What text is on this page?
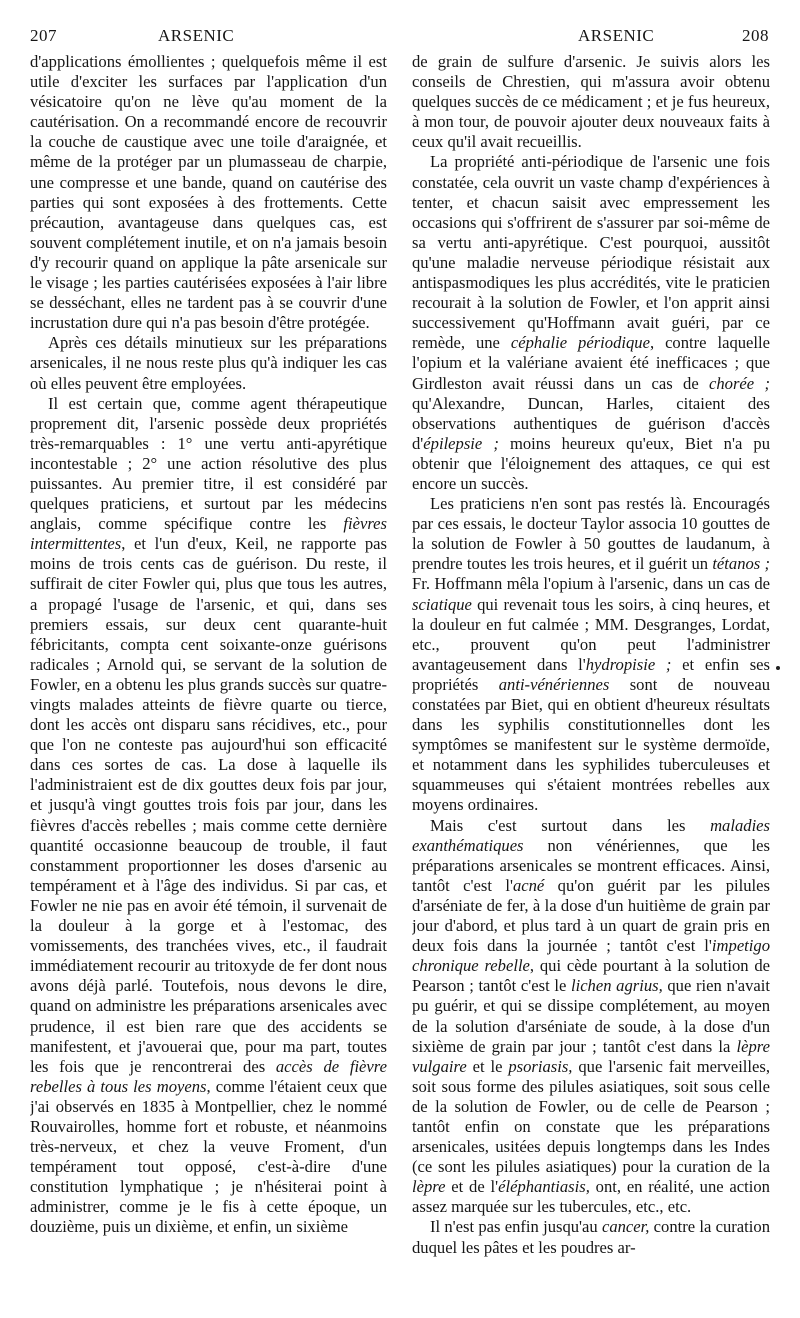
207	ARSENIC	ARSENIC	208

d'applications émollientes ; quelquefois même il est utile d'exciter les surfaces par l'application d'un vésicatoire qu'on ne lève qu'au moment de la cautérisation. On a recommandé encore de recouvrir la couche de caustique avec une toile d'araignée, et même de la protéger par un plumasseau de charpie, une compresse et une bande, quand on cautérise des parties qui sont exposées à des frottements. Cette précaution, avantageuse dans quelques cas, est souvent complétement inutile, et on n'a jamais besoin d'y recourir quand on applique la pâte arsenicale sur le visage ; les parties cautérisées exposées à l'air libre se desséchant, elles ne tardent pas à se couvrir d'une incrustation dure qui n'a pas besoin d'être protégée.

Après ces détails minutieux sur les préparations arsenicales, il ne nous reste plus qu'à indiquer les cas où elles peuvent être employées.

Il est certain que, comme agent thérapeutique proprement dit, l'arsenic possède deux propriétés très-remarquables : 1° une vertu anti-apyrétique incontestable ; 2° une action résolutive des plus puissantes. Au premier titre, il est considéré par quelques praticiens, et surtout par les médecins anglais, comme spécifique contre les fièvres intermittentes, et l'un d'eux, Keil, ne rapporte pas moins de trois cents cas de guérison. Du reste, il suffirait de citer Fowler qui, plus que tous les autres, a propagé l'usage de l'arsenic, et qui, dans ses premiers essais, sur deux cent quarante-huit fébricitants, compta cent soixante-onze guérisons radicales ; Arnold qui, se servant de la solution de Fowler, en a obtenu les plus grands succès sur quatre-vingts malades atteints de fièvre quarte ou tierce, dont les accès ont disparu sans récidives, etc., pour que l'on ne conteste pas aujourd'hui son efficacité dans ces sortes de cas. La dose à laquelle ils l'administraient est de dix gouttes deux fois par jour, et jusqu'à vingt gouttes trois fois par jour, dans les fièvres d'accès rebelles ; mais comme cette dernière quantité occasionne beaucoup de trouble, il faut constamment proportionner les doses d'arsenic au tempérament et à l'âge des individus. Si par cas, et Fowler ne nie pas en avoir été témoin, il survenait de la douleur à la gorge et à l'estomac, des vomissements, des tranchées vives, etc., il faudrait immédiatement recourir au tritoxyde de fer dont nous avons déjà parlé. Toutefois, nous devons le dire, quand on administre les préparations arsenicales avec prudence, il est bien rare que des accidents se manifestent, et j'avouerai que, pour ma part, toutes les fois que je rencontrerai des accès de fièvre rebelles à tous les moyens, comme l'étaient ceux que j'ai observés en 1835 à Montpellier, chez le nommé Rouvairolles, homme fort et robuste, et néanmoins très-nerveux, et chez la veuve Froment, d'un tempérament tout opposé, c'est-à-dire d'une constitution lymphatique ; je n'hésiterai point à administrer, comme je le fis à cette époque, un douzième, puis un dixième, et enfin, un sixième

de grain de sulfure d'arsenic. Je suivis alors les conseils de Chrestien, qui m'assura avoir obtenu quelques succès de ce médicament ; et je fus heureux, à mon tour, de pouvoir ajouter deux nouveaux faits à ceux qu'il avait recueillis.

La propriété anti-périodique de l'arsenic une fois constatée, cela ouvrit un vaste champ d'expériences à tenter, et chacun saisit avec empressement les occasions qui s'offrirent de s'assurer par soi-même de sa vertu anti-apyrétique. C'est pourquoi, aussitôt qu'une maladie nerveuse périodique résistait aux antispasmodiques les plus accrédités, vite le praticien recourait à la solution de Fowler, et l'on apprit ainsi successivement qu'Hoffmann avait guéri, par ce remède, une céphalie périodique, contre laquelle l'opium et la valériane avaient été inefficaces ; que Girdleston avait réussi dans un cas de chorée ; qu'Alexandre, Duncan, Harles, citaient des observations authentiques de guérison d'accès d'épilepsie ; moins heureux qu'eux, Biet n'a pu obtenir que l'éloignement des attaques, ce qui est encore un succès.

Les praticiens n'en sont pas restés là. Encouragés par ces essais, le docteur Taylor associa 10 gouttes de la solution de Fowler à 50 gouttes de laudanum, à prendre toutes les trois heures, et il guérit un tétanos ; Fr. Hoffmann mêla l'opium à l'arsenic, dans un cas de sciatique qui revenait tous les soirs, à cinq heures, et la douleur en fut calmée ; MM. Desgranges, Lordat, etc., prouvent qu'on peut l'administrer avantageusement dans l'hydropisie ; et enfin ses propriétés anti-vénériennes sont de nouveau constatées par Biet, qui en obtient d'heureux résultats dans les syphilis constitutionnelles dont les symptômes se manifestent sur le système dermoïde, et notamment dans les syphilides tuberculeuses et squammeuses qui s'étaient montrées rebelles aux moyens ordinaires.

Mais c'est surtout dans les maladies exanthématiques non vénériennes, que les préparations arsenicales se montrent efficaces. Ainsi, tantôt c'est l'acné qu'on guérit par les pilules d'arséniate de fer, à la dose d'un huitième de grain par jour d'abord, et plus tard à un quart de grain pris en deux fois dans la journée ; tantôt c'est l'impetigo chronique rebelle, qui cède pourtant à la solution de Pearson ; tantôt c'est le lichen agrius, que rien n'avait pu guérir, et qui se dissipe complétement, au moyen de la solution d'arséniate de soude, à la dose d'un sixième de grain par jour ; tantôt c'est dans la lèpre vulgaire et le psoriasis, que l'arsenic fait merveilles, soit sous forme des pilules asiatiques, soit sous celle de la solution de Fowler, ou de celle de Pearson ; tantôt enfin on constate que les préparations arsenicales, usitées depuis longtemps dans les Indes (ce sont les pilules asiatiques) pour la curation de la lèpre et de l'éléphantiasis, ont, en réalité, une action assez marquée sur les tubercules, etc., etc.

Il n'est pas enfin jusqu'au cancer, contre la curation duquel les pâtes et les poudres ar-
